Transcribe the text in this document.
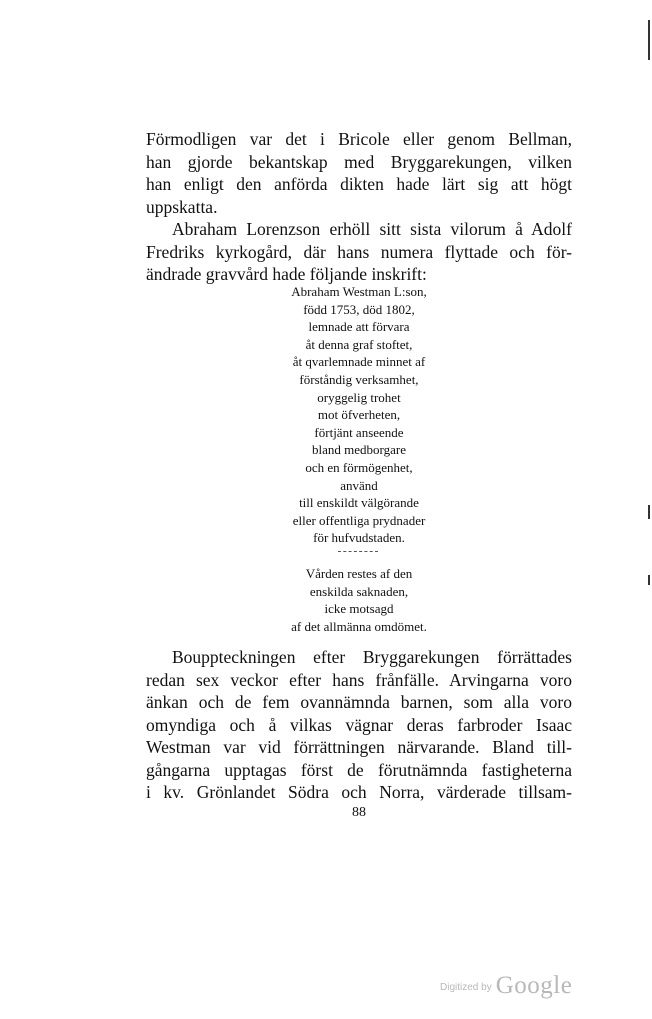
Förmodligen var det i Bricole eller genom Bellman,
han gjorde bekantskap med Bryggarekungen, vilken
han enligt den anförda dikten hade lärt sig att högt
uppskatta.
Abraham Lorenzson erhöll sitt sista vilorum å Adolf
Fredriks kyrkogård, där hans numera flyttade och för-
ändrade gravvård hade följande inskrift:
Abraham Westman L:son,
född 1753, död 1802,
lemnade att förvara
åt denna graf stoftet,
åt qvarlemnade minnet af
förståndig verksamhet,
oryggelig trohet
mot öfverheten,
förtjänt anseende
bland medborgare
och en förmögenhet,
använd
till enskildt välgörande
eller offentliga prydnader
för hufvudstaden.
Vården restes af den
enskilda saknaden,
icke motsagd
af det allmänna omdömet.
Bouppteckningen efter Bryggarekungen förrättades
redan sex veckor efter hans frånfälle. Arvingarna voro
änkan och de fem ovannämnda barnen, som alla voro
omyndiga och å vilkas vägnar deras farbroder Isaac
Westman var vid förrättningen närvarande. Bland till-
gångarna upptagas först de förutnämnda fastigheterna
i kv. Grönlandet Södra och Norra, värderade tillsam-
88
Digitized by Google
